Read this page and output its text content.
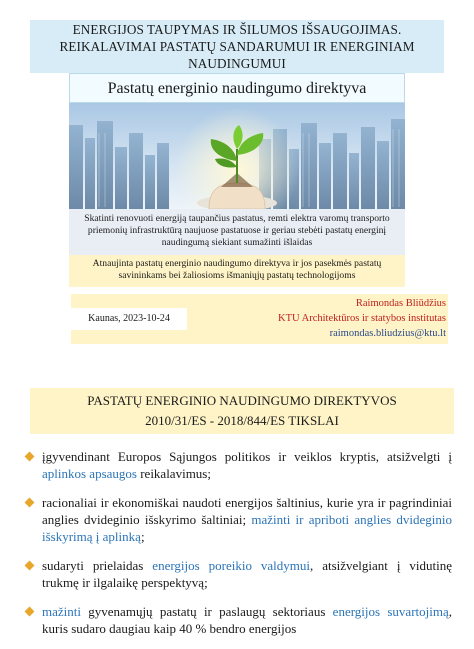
ENERGIJOS TAUPYMAS IR ŠILUMOS IŠSAUGOJIMAS.
REIKALAVIMAI PASTATŲ SANDARUMUI IR ENERGINIAM
NAUDINGUMUI
Pastatų energinio naudingumo direktyva
Skatinti renovuoti energiją taupančius pastatus, remti elektra varomų transporto
priemonių infrastruktūrą naujuose pastatuose ir geriau stebėti pastatų energinį
naudingumą siekiant sumažinti išlaidas
Atnaujinta pastatų energinio naudingumo direktyva ir jos pasekmės pastatų
savininkams bei žaliosioms išmaniųjų pastatų technologijoms
Kaunas, 2023-10-24
Raimondas Bliūdžius
KTU Architektūros ir statybos institutas
raimondas.bliudzius@ktu.lt
PASTATŲ ENERGINIO NAUDINGUMO DIREKTYVOS
2010/31/ES - 2018/844/ES TIKSLAI
įgyvendinant Europos Sąjungos politikos ir veiklos kryptis, atsižvelgti į aplinkos apsaugos reikalavimus;
racionaliai ir ekonomiškai naudoti energijos šaltinius, kurie yra ir pagrindiniai anglies dvideginio išskyrimo šaltiniai; mažinti ir apriboti anglies dvideginio išskyrimą į aplinką;
sudaryti prielaidas energijos poreikio valdymui, atsižvelgiant į vidutinę trukmę ir ilgalaikę perspektyvą;
mažinti gyvenamųjų pastatų ir paslaugų sektoriaus energijos suvartojimą, kuris sudaro daugiau kaip 40 % bendro energijos
